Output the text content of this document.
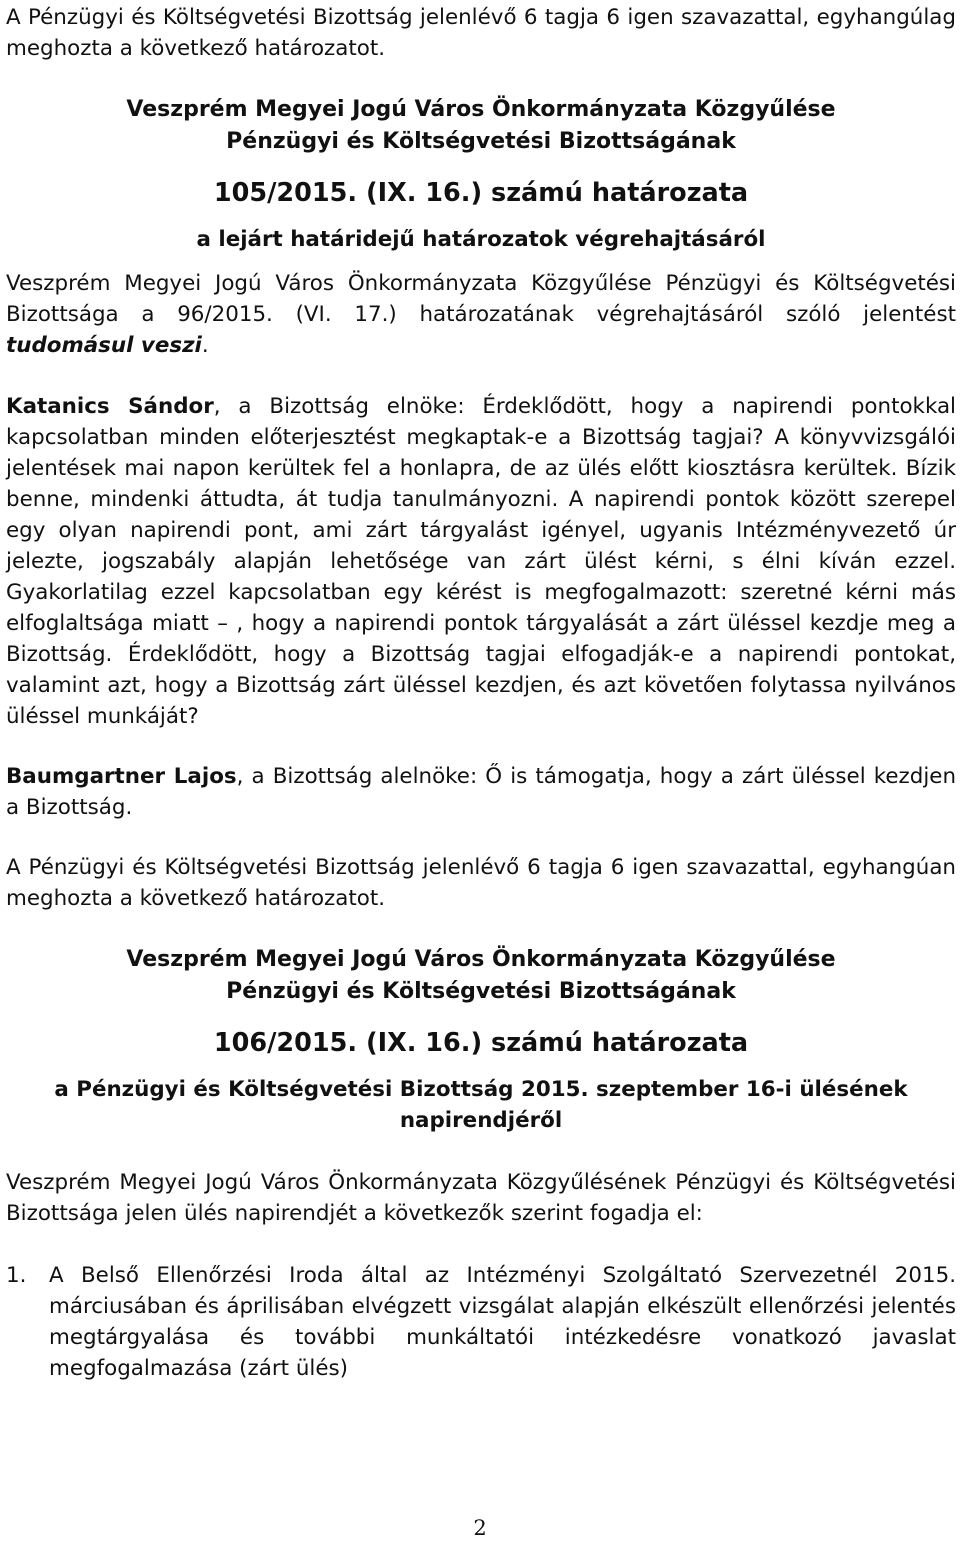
A Pénzügyi és Költségvetési Bizottság jelenlévő 6 tagja 6 igen szavazattal, egyhangúlag meghozta a következő határozatot.

Veszprém Megyei Jogú Város Önkormányzata Közgyűlése

Pénzügyi és Költségvetési Bizottságának

105/2015. (IX. 16.) számú határozata

a lejárt határidejű határozatok végrehajtásáról

Veszprém Megyei Jogú Város Önkormányzata Közgyűlése Pénzügyi és Költségvetési Bizottsága a 96/2015. (VI. 17.) határozatának végrehajtásáról szóló jelentést

tudomásul veszi.

Katanics Sándor, a Bizottság elnöke: Érdeklődött, hogy a napirendi pontokkal kapcsolatban minden előterjesztést megkaptak-e a Bizottság tagjai? A könyvvizsgálói jelentések mai napon kerültek fel a honlapra, de az ülés előtt kiosztásra kerültek. Bízik benne, mindenki áttudta, át tudja tanulmányozni. A napirendi pontok között szerepel egy olyan napirendi pont, ami zárt tárgyalást igényel, ugyanis Intézményvezető úr jelezte, jogszabály alapján lehetősége van zárt ülést kérni, s élni kíván ezzel. Gyakorlatilag ezzel kapcsolatban egy kérést is megfogalmazott: szeretné kérni más elfoglaltsága miatt – , hogy a napirendi pontok tárgyalását a zárt üléssel kezdje meg a Bizottság. Érdeklődött, hogy a Bizottság tagjai elfogadják-e a napirendi pontokat, valamint azt, hogy a Bizottság zárt üléssel kezdjen, és azt követően folytassa nyilvános üléssel munkáját?

Baumgartner Lajos, a Bizottság alelnöke: Ő is támogatja, hogy a zárt üléssel kezdjen a Bizottság.

A Pénzügyi és Költségvetési Bizottság jelenlévő 6 tagja 6 igen szavazattal, egyhangúan meghozta a következő határozatot.

Veszprém Megyei Jogú Város Önkormányzata Közgyűlése

Pénzügyi és Költségvetési Bizottságának

106/2015. (IX. 16.) számú határozata

a Pénzügyi és Költségvetési Bizottság 2015. szeptember 16-i ülésének

napirendjéről

Veszprém Megyei Jogú Város Önkormányzata Közgyűlésének Pénzügyi és Költségvetési Bizottsága jelen ülés napirendjét a következők szerint fogadja el:

1.	A Belső Ellenőrzési Iroda által az Intézményi Szolgáltató Szervezetnél 2015. márciusában és áprilisában elvégzett vizsgálat alapján elkészült ellenőrzési jelentés megtárgyalása és további munkáltatói intézkedésre vonatkozó javaslat megfogalmazása (zárt ülés)

2
